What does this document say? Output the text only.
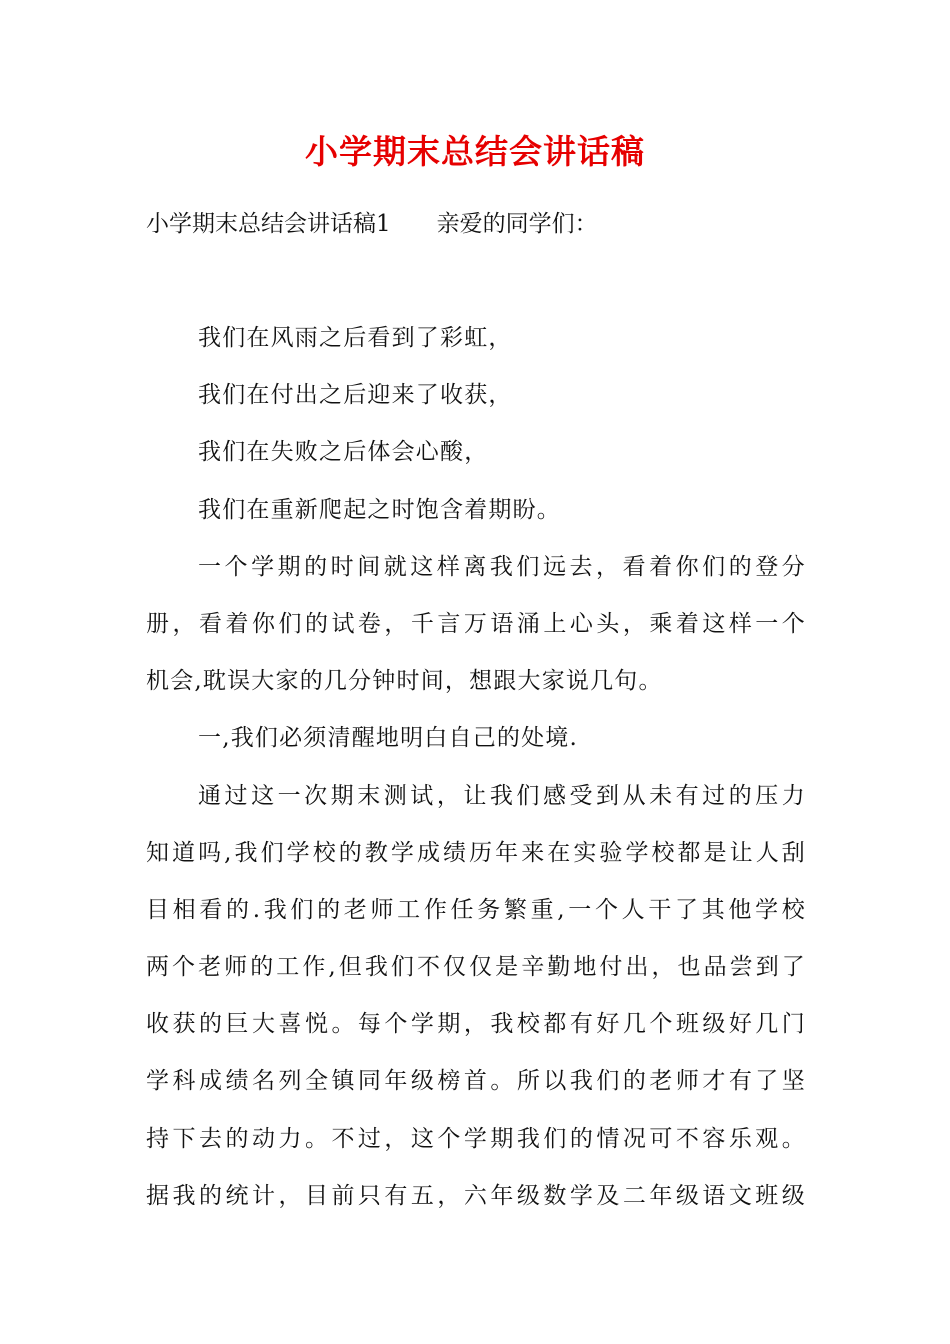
小学期末总结会讲话稿
小学期末总结会讲话稿1 亲爱的同学们：
我们在风雨之后看到了彩虹，
我们在付出之后迎来了收获，
我们在失败之后体会心酸，
我们在重新爬起之时饱含着期盼。
一个学期的时间就这样离我们远去，看着你们的登分
册，看着你们的试卷，千言万语涌上心头，乘着这样一个
机会,耽误大家的几分钟时间，想跟大家说几句。
一,我们必须清醒地明白自己的处境.
通过这一次期末测试，让我们感受到从未有过的压力
知道吗,我们学校的教学成绩历年来在实验学校都是让人刮
目相看的.我们的老师工作任务繁重,一个人干了其他学校
两个老师的工作,但我们不仅仅是辛勤地付出，也品尝到了
收获的巨大喜悦。每个学期，我校都有好几个班级好几门
学科成绩名列全镇同年级榜首。所以我们的老师才有了坚
持下去的动力。不过，这个学期我们的情况可不容乐观。
据我的统计，目前只有五，六年级数学及二年级语文班级
